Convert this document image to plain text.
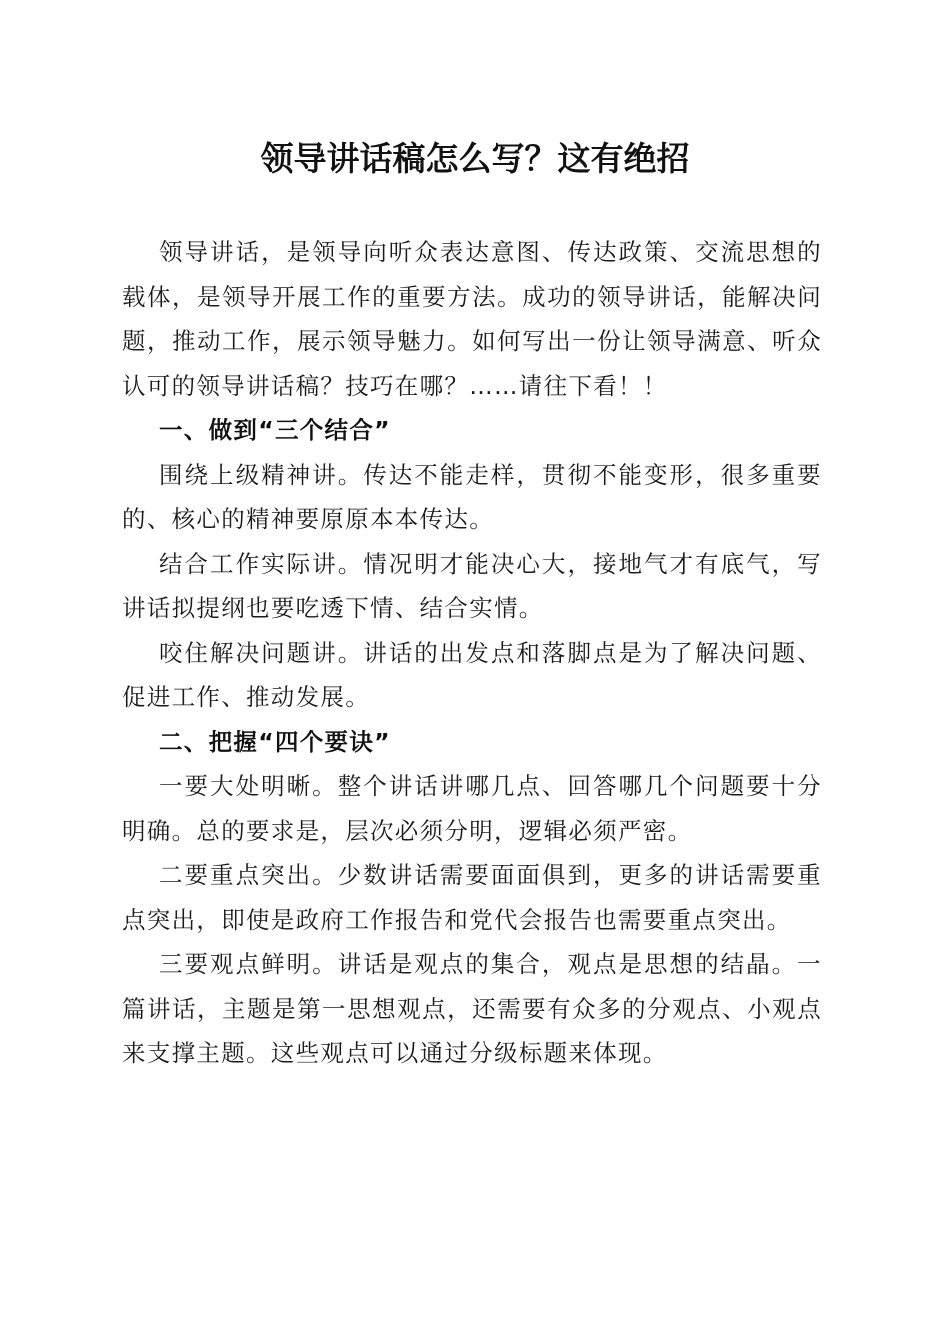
领导讲话稿怎么写？这有绝招

领导讲话，是领导向听众表达意图、传达政策、交流思想的载体，是领导开展工作的重要方法。成功的领导讲话，能解决问题，推动工作，展示领导魅力。如何写出一份让领导满意、听众认可的领导讲话稿？技巧在哪？……请往下看！！

一、做到“三个结合”

围绕上级精神讲。传达不能走样，贯彻不能变形，很多重要的、核心的精神要原原本本传达。

结合工作实际讲。情况明才能决心大，接地气才有底气，写讲话拟提纲也要吃透下情、结合实情。

咬住解决问题讲。讲话的出发点和落脚点是为了解决问题、促进工作、推动发展。

二、把握“四个要诀”

一要大处明晰。整个讲话讲哪几点、回答哪几个问题要十分明确。总的要求是，层次必须分明，逻辑必须严密。

二要重点突出。少数讲话需要面面俱到，更多的讲话需要重点突出，即使是政府工作报告和党代会报告也需要重点突出。

三要观点鲜明。讲话是观点的集合，观点是思想的结晶。一篇讲话，主题是第一思想观点，还需要有众多的分观点、小观点来支撑主题。这些观点可以通过分级标题来体现。
